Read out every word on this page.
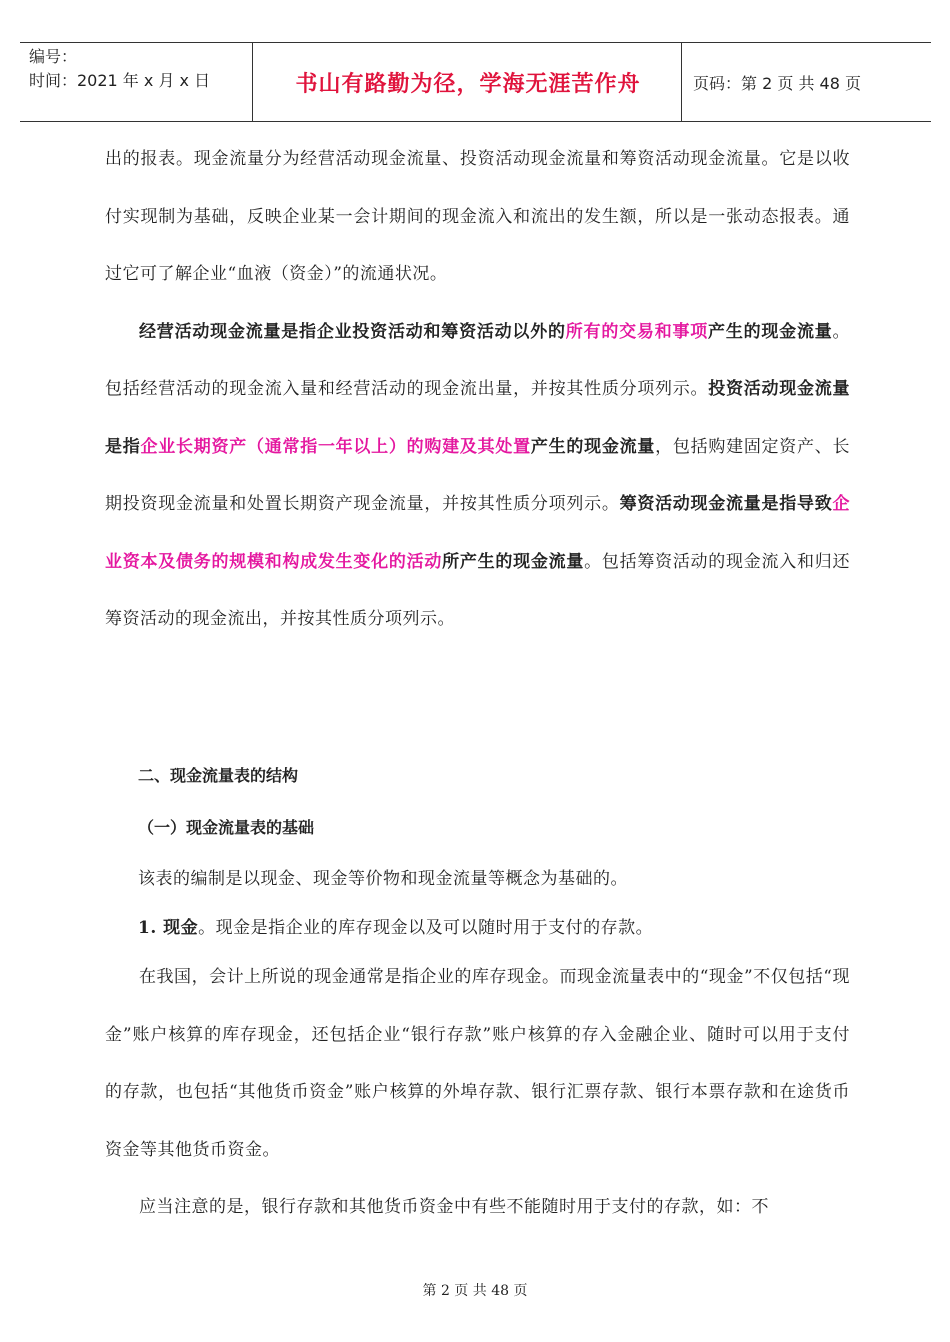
编号：
时间：2021 年 x 月 x 日	书山有路勤为径，学海无涯苦作舟	页码：第 2 页 共 48 页

出的报表。现金流量分为经营活动现金流量、投资活动现金流量和筹资活动现金流量。它是以收付实现制为基础，反映企业某一会计期间的现金流入和流出的发生额，所以是一张动态报表。通过它可了解企业“血液（资金）”的流通状况。

经营活动现金流量是指企业投资活动和筹资活动以外的所有的交易和事项产生的现金流量。包括经营活动的现金流入量和经营活动的现金流出量，并按其性质分项列示。投资活动现金流量是指企业长期资产（通常指一年以上）的购建及其处置产生的现金流量，包括购建固定资产、长期投资现金流量和处置长期资产现金流量，并按其性质分项列示。筹资活动现金流量是指导致企业资本及债务的规模和构成发生变化的活动所产生的现金流量。包括筹资活动的现金流入和归还筹资活动的现金流出，并按其性质分项列示。

二、现金流量表的结构
（一）现金流量表的基础
该表的编制是以现金、现金等价物和现金流量等概念为基础的。
1. 现金。现金是指企业的库存现金以及可以随时用于支付的存款。

在我国，会计上所说的现金通常是指企业的库存现金。而现金流量表中的“现金”不仅包括“现金”账户核算的库存现金，还包括企业“银行存款”账户核算的存入金融企业、随时可以用于支付的存款，也包括“其他货币资金”账户核算的外埠存款、银行汇票存款、银行本票存款和在途货币资金等其他货币资金。

应当注意的是，银行存款和其他货币资金中有些不能随时用于支付的存款，如：不

第 2 页 共 48 页
